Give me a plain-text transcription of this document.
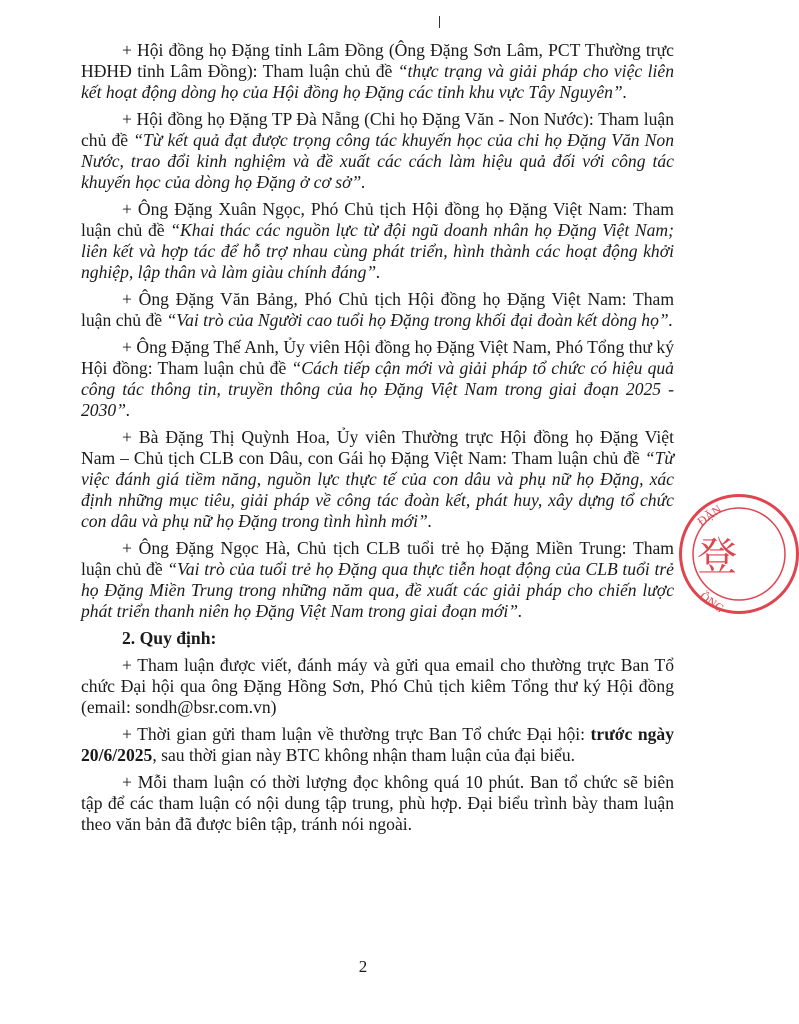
+ Hội đồng họ Đặng tỉnh Lâm Đồng (Ông Đặng Sơn Lâm, PCT Thường trực HĐHĐ tỉnh Lâm Đồng): Tham luận chủ đề “thực trạng và giải pháp cho việc liên kết hoạt động dòng họ của Hội đồng họ Đặng các tỉnh khu vực Tây Nguyên”.

+ Hội đồng họ Đặng TP Đà Nẵng (Chi họ Đặng Văn - Non Nước): Tham luận chủ đề “Từ kết quả đạt được trọng công tác khuyến học của chi họ Đặng Văn Non Nước, trao đổi kinh nghiệm và đề xuất các cách làm hiệu quả đối với công tác khuyến học của dòng họ Đặng ở cơ sở”.

+ Ông Đặng Xuân Ngọc, Phó Chủ tịch Hội đồng họ Đặng Việt Nam: Tham luận chủ đề “Khai thác các nguồn lực từ đội ngũ doanh nhân họ Đặng Việt Nam; liên kết và hợp tác để hỗ trợ nhau cùng phát triển, hình thành các hoạt động khởi nghiệp, lập thân và làm giàu chính đáng”.

+ Ông Đặng Văn Bảng, Phó Chủ tịch Hội đồng họ Đặng Việt Nam: Tham luận chủ đề “Vai trò của Người cao tuổi họ Đặng trong khối đại đoàn kết dòng họ”.

+ Ông Đặng Thế Anh, Ủy viên Hội đồng họ Đặng Việt Nam, Phó Tổng thư ký Hội đồng: Tham luận chủ đề “Cách tiếp cận mới và giải pháp tổ chức có hiệu quả công tác thông tin, truyền thông của họ Đặng Việt Nam trong giai đoạn 2025 - 2030”.

+ Bà Đặng Thị Quỳnh Hoa, Ủy viên Thường trực Hội đồng họ Đặng Việt Nam – Chủ tịch CLB con Dâu, con Gái họ Đặng Việt Nam: Tham luận chủ đề “Từ việc đánh giá tiềm năng, nguồn lực thực tế của con dâu và phụ nữ họ Đặng, xác định những mục tiêu, giải pháp về công tác đoàn kết, phát huy, xây dựng tổ chức con dâu và phụ nữ họ Đặng trong tình hình mới”.

+ Ông Đặng Ngọc Hà, Chủ tịch CLB tuổi trẻ họ Đặng Miền Trung: Tham luận chủ đề “Vai trò của tuổi trẻ họ Đặng qua thực tiễn hoạt động của CLB tuổi trẻ họ Đặng Miền Trung trong những năm qua, đề xuất các giải pháp cho chiến lược phát triển thanh niên họ Đặng Việt Nam trong giai đoạn mới”.

2. Quy định:

+ Tham luận được viết, đánh máy và gửi qua email cho thường trực Ban Tổ chức Đại hội qua ông Đặng Hồng Sơn, Phó Chủ tịch kiêm Tổng thư ký Hội đồng (email: sondh@bsr.com.vn)

+ Thời gian gửi tham luận về thường trực Ban Tổ chức Đại hội: trước ngày 20/6/2025, sau thời gian này BTC không nhận tham luận của đại biểu.

+ Mỗi tham luận có thời lượng đọc không quá 10 phút. Ban tổ chức sẽ biên tập để các tham luận có nội dung tập trung, phù hợp. Đại biểu trình bày tham luận theo văn bản đã được biên tập, tránh nói ngoài.

2
ĐẶN
ỒNG
登
